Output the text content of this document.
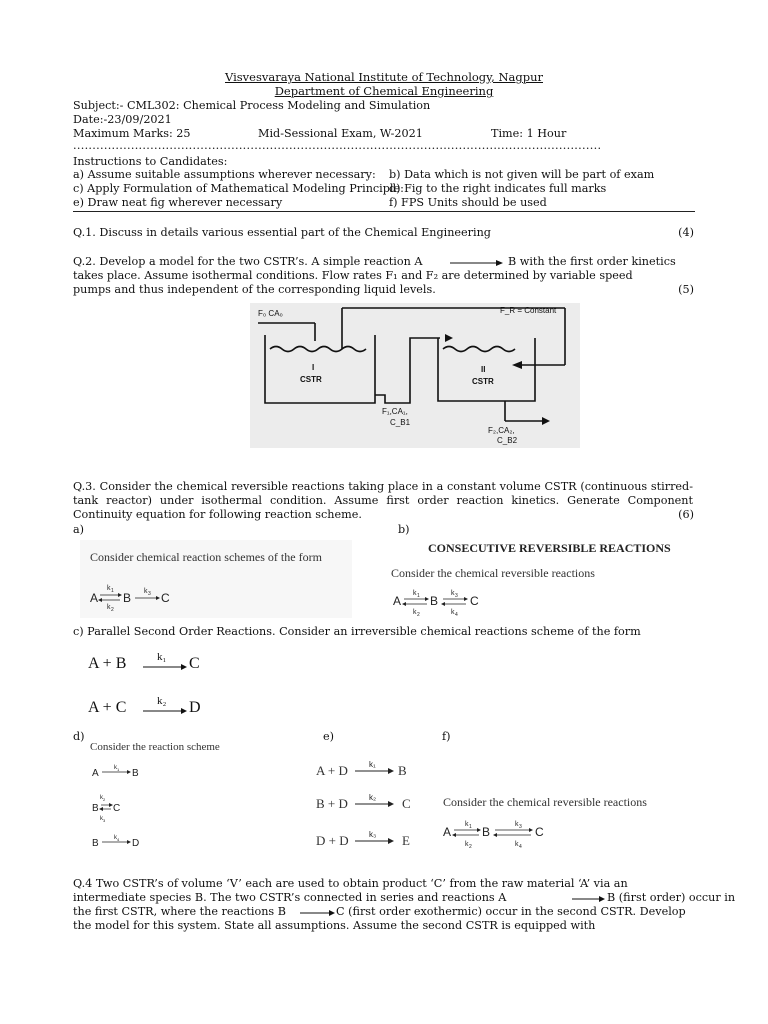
Visvesvaraya National Institute of Technology, Nagpur
Department of Chemical Engineering
Subject:- CML302: Chemical Process Modeling and Simulation
Date:-23/09/2021
Maximum Marks: 25	Mid-Sessional Exam, W-2021	Time: 1 Hour
.........................................................................................................................................
Instructions to Candidates:
a) Assume suitable assumptions wherever necessary: b) Data which is not given will be part of exam
c) Apply Formulation of Mathematical Modeling Principle:
d) Fig to the right indicates full marks
e) Draw neat fig wherever necessary	f) FPS Units should be used
Q.1. Discuss in details various essential part of the Chemical Engineering	(4)
Q.2. Develop a model for the two CSTR’s. A simple reaction A → B with the first order kinetics
takes place. Assume isothermal conditions. Flow rates F₁ and F₂ are determined by variable speed
pumps and thus independent of the corresponding liquid levels.	(5)
F₀ CA₀	F_R = Constant
I
CSTR
II
CSTR
F₁,CA₁,
C_B1
F₂,CA₂,
C_B2
Q.3. Consider the chemical reversible reactions taking place in a constant volume CSTR (continuous stirred-tank reactor) under isothermal condition. Assume first order reaction kinetics. Generate Component Continuity equation for following reaction scheme.	(6)
a)	b)
Consider chemical reaction schemes of the form
A
k 1
k 2
B k 3 C
CONSECUTIVE REVERSIBLE REACTIONS
Consider the chemical reversible reactions
A
k 1
k 2
B
k 3
k 4
C
c) Parallel Second Order Reactions. Consider an irreversible chemical reactions scheme of the form
A + B	k₁ C
A + C	k₂ D
d)	e)	f)
Consider the reaction scheme
A	k 1 B
k 2
B C
k 3
B	k 4 D
A + D	k₁ B
B + D	k₂ C
D + D	k₃ E
Consider the chemical reversible reactions
A
k 1
k 2
B
k 3
k 4
C
Q.4 Two CSTR’s of volume ‘V’ each are used to obtain product ‘C’ from the raw material ‘A’ via an
intermediate species B. The two CSTR’s connected in series and reactions A	B (first order) occur in
the first CSTR, where the reactions B	C (first order exothermic) occur in the second CSTR. Develop
the model for this system. State all assumptions. Assume the second CSTR is equipped with
